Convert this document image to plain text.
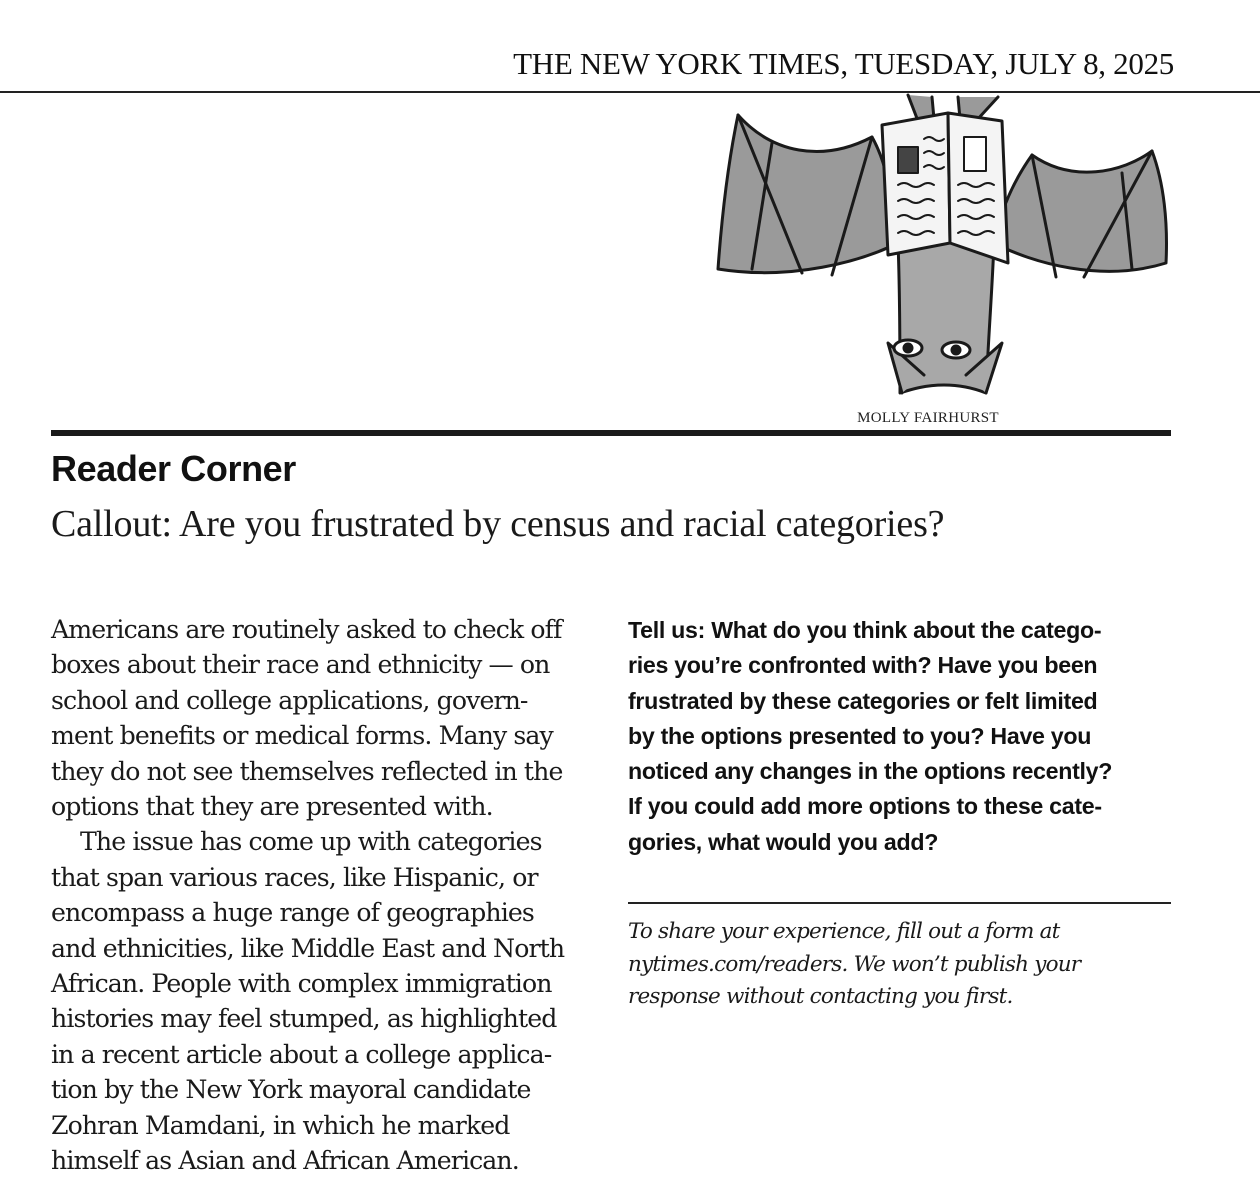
THE NEW YORK TIMES, TUESDAY, JULY 8, 2025
MOLLY FAIRHURST
Reader Corner
Callout: Are you frustrated by census and racial categories?
Americans are routinely asked to check off
boxes about their race and ethnicity — on
school and college applications, govern-
ment benefits or medical forms. Many say
they do not see themselves reflected in the
options that they are presented with.
The issue has come up with categories
that span various races, like Hispanic, or
encompass a huge range of geographies
and ethnicities, like Middle East and North
African. People with complex immigration
histories may feel stumped, as highlighted
in a recent article about a college applica-
tion by the New York mayoral candidate
Zohran Mamdani, in which he marked
himself as Asian and African American.
Tell us: What do you think about the catego-
ries you’re confronted with? Have you been
frustrated by these categories or felt limited
by the options presented to you? Have you
noticed any changes in the options recently?
If you could add more options to these cate-
gories, what would you add?
To share your experience, fill out a form at
nytimes.com/readers. We won’t publish your
response without contacting you first.
